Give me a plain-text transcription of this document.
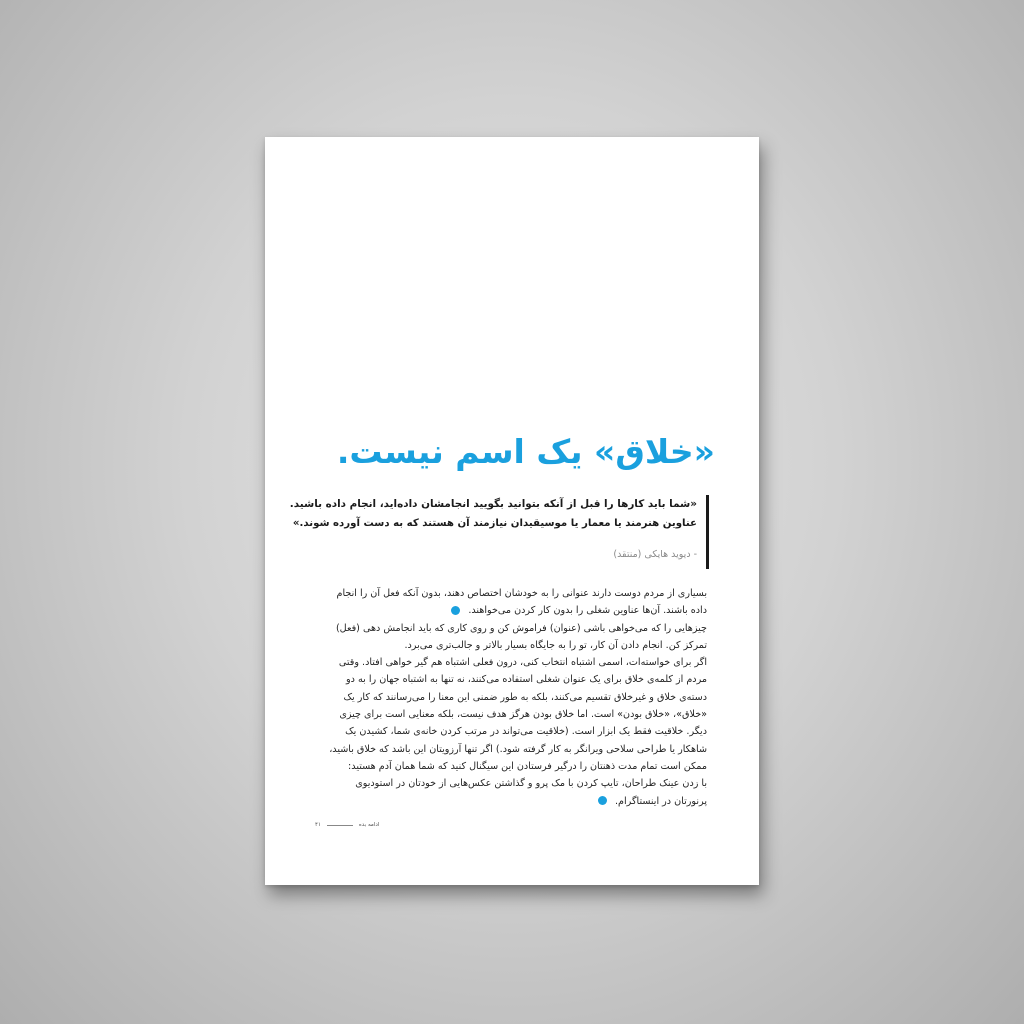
«خلاق» یک اسم نیست.
«شما باید کارها را قبل از آنکه بتوانید بگویید انجامشان داده‌اید، انجام داده باشید.
عناوین هنرمند یا معمار یا موسیقیدان نیازمند آن هستند که به دست آورده شوند.»
- دیوید هایکی (منتقد)
بسیاری از مردم دوست دارند عنوانی را به خودشان اختصاص دهند، بدون آنکه فعل آن را انجام
داده باشند. آن‌ها عناوین شغلی را بدون کار کردن می‌خواهند.
چیزهایی را که می‌خواهی باشی (عنوان) فراموش کن و روی کاری که باید انجامش دهی (فعل)
تمرکز کن. انجام دادن آن کار، تو را به جایگاه بسیار بالاتر و جالب‌تری می‌برد.
اگر برای خواسته‌ات، اسمی اشتباه انتخاب کنی، درون فعلی اشتباه هم گیر خواهی افتاد. وقتی
مردم از کلمه‌ی خلاق برای یک عنوان شغلی استفاده می‌کنند، نه تنها به اشتباه جهان را به دو
دسته‌ی خلاق و غیرخلاق تقسیم می‌کنند، بلکه به طور ضمنی این معنا را می‌رسانند که کار یک
«خلاق»، «خلاق بودن» است. اما خلاق بودن هرگز هدف نیست، بلکه معنایی است برای چیزی
دیگر. خلاقیت فقط یک ابزار است. (خلاقیت می‌تواند در مرتب کردن خانه‌ی شما، کشیدن یک
شاهکار یا طراحی سلاحی ویرانگر به کار گرفته شود.) اگر تنها آرزویتان این باشد که خلاق باشید،
ممکن است تمام مدت ذهنتان را درگیر فرستادن این سیگنال کنید که شما همان آدم هستید:
با زدن عینک طراحان، تایپ کردن با مک پرو و گذاشتن عکس‌هایی از خودتان در استودیوی
پرنورتان در اینستاگرام.
ادامه بده
۴۱
